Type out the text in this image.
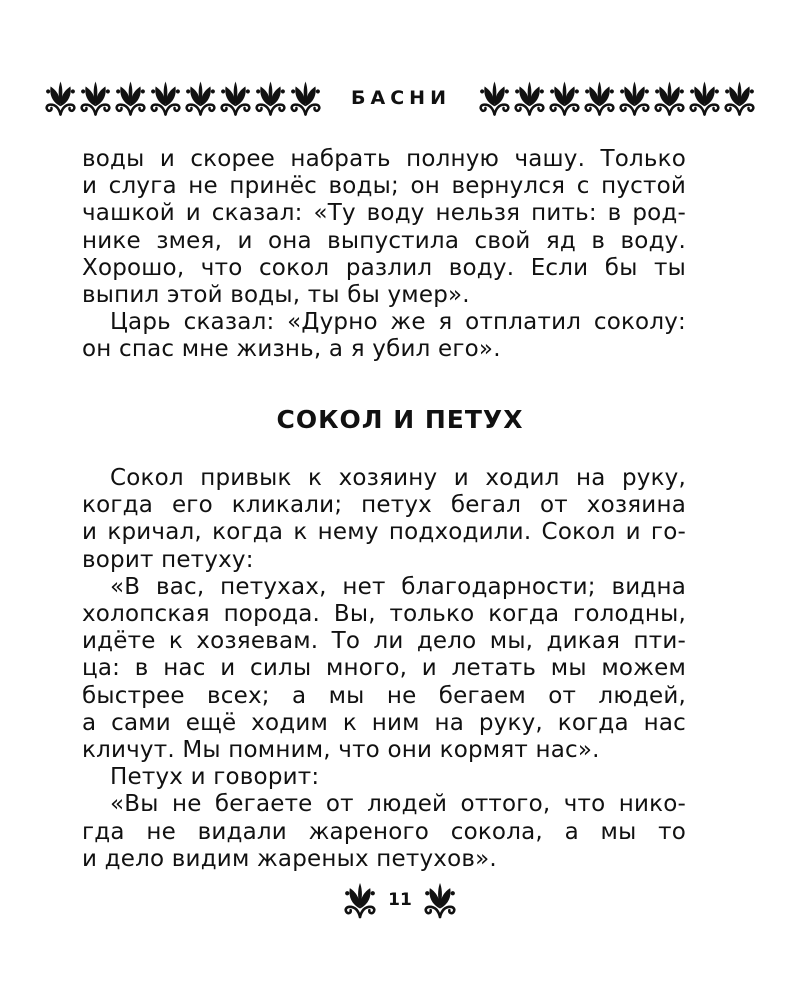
БАСНИ

воды и скорее набрать полную чашу. Только

и слуга не принёс воды; он вернулся с пустой

чашкой и сказал: «Ту воду нельзя пить: в род-

нике змея, и она выпустила свой яд в воду.

Хорошо, что сокол разлил воду. Если бы ты

выпил этой воды, ты бы умер».

Царь сказал: «Дурно же я отплатил соколу:

он спас мне жизнь, а я убил его».

СОКОЛ И ПЕТУХ

Сокол привык к хозяину и ходил на руку,

когда его кликали; петух бегал от хозяина

и кричал, когда к нему подходили. Сокол и го-

ворит петуху:

«В вас, петухах, нет благодарности; видна

холопская порода. Вы, только когда голодны,

идёте к хозяевам. То ли дело мы, дикая пти-

ца: в нас и силы много, и летать мы можем

быстрее всех; а мы не бегаем от людей,

а сами ещё ходим к ним на руку, когда нас

кличут. Мы помним, что они кормят нас».

Петух и говорит:

«Вы не бегаете от людей оттого, что нико-

гда не видали жареного сокола, а мы то

и дело видим жареных петухов».

11
